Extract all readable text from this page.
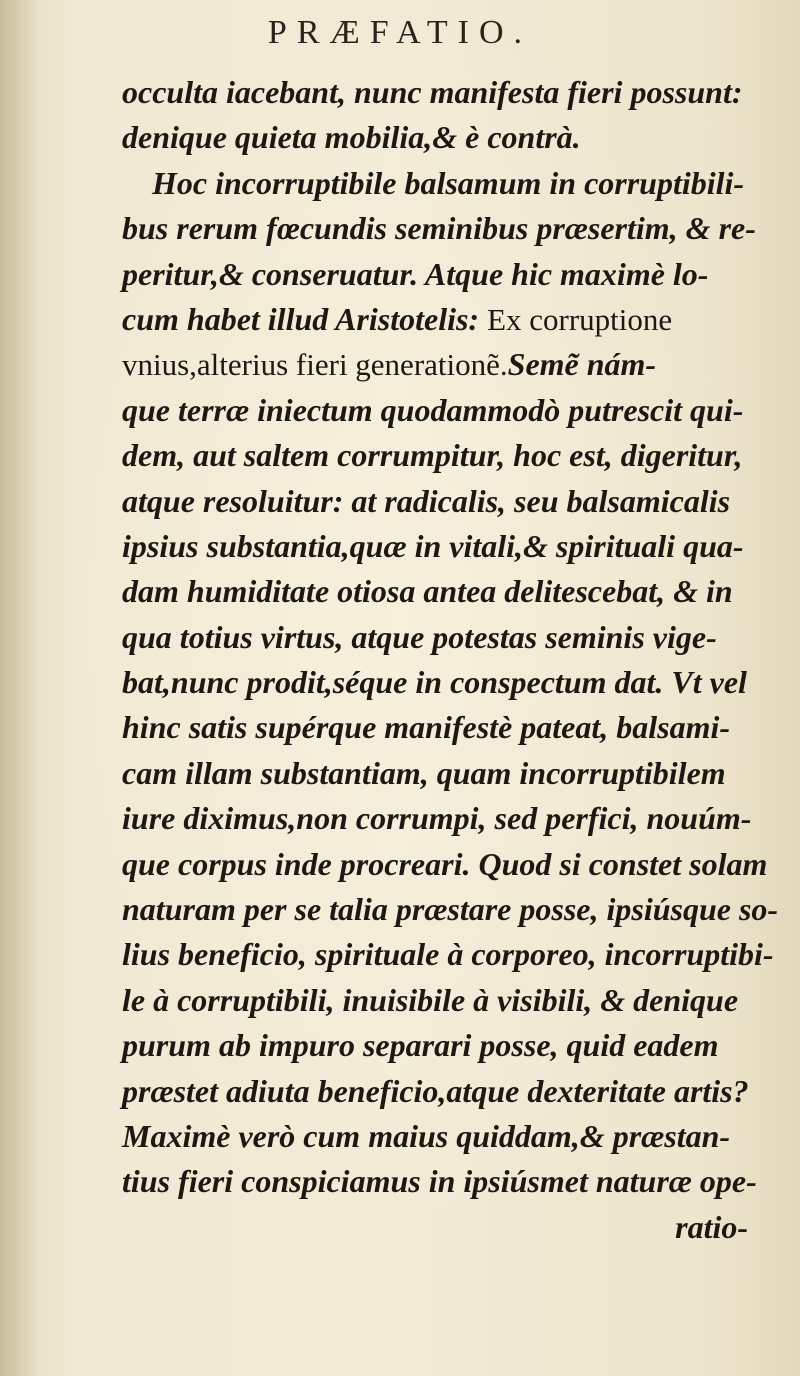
PRÆFATIO.
occulta iacebant, nunc manifesta fieri possunt:
denique quieta mobilia,& è contrà.
Hoc incorruptibile balsamum in corruptibili-
bus rerum fœcundis seminibus præsertim, & re-
peritur,& conseruatur. Atque hic maximè lo-
cum habet illud Aristotelis: Ex corruptione
vnius,alterius fieri generationẽ.Semẽ nám-
que terræ iniectum quodammodò putrescit qui-
dem, aut saltem corrumpitur, hoc est, digeritur,
atque resoluitur: at radicalis, seu balsamicalis
ipsius substantia,quæ in vitali,& spirituali qua-
dam humiditate otiosa antea delitescebat, & in
qua totius virtus, atque potestas seminis vige-
bat,nunc prodit,séque in conspectum dat. Vt vel
hinc satis supérque manifestè pateat, balsami-
cam illam substantiam, quam incorruptibilem
iure diximus,non corrumpi, sed perfici, nouúm-
que corpus inde procreari. Quod si constet solam
naturam per se talia præstare posse, ipsiúsque so-
lius beneficio, spirituale à corporeo, incorruptibi-
le à corruptibili, inuisibile à visibili, & denique
purum ab impuro separari posse, quid eadem
præstet adiuta beneficio,atque dexteritate artis?
Maximè verò cum maius quiddam,& præstan-
tius fieri conspiciamus in ipsiúsmet naturæ ope-
ratio-
